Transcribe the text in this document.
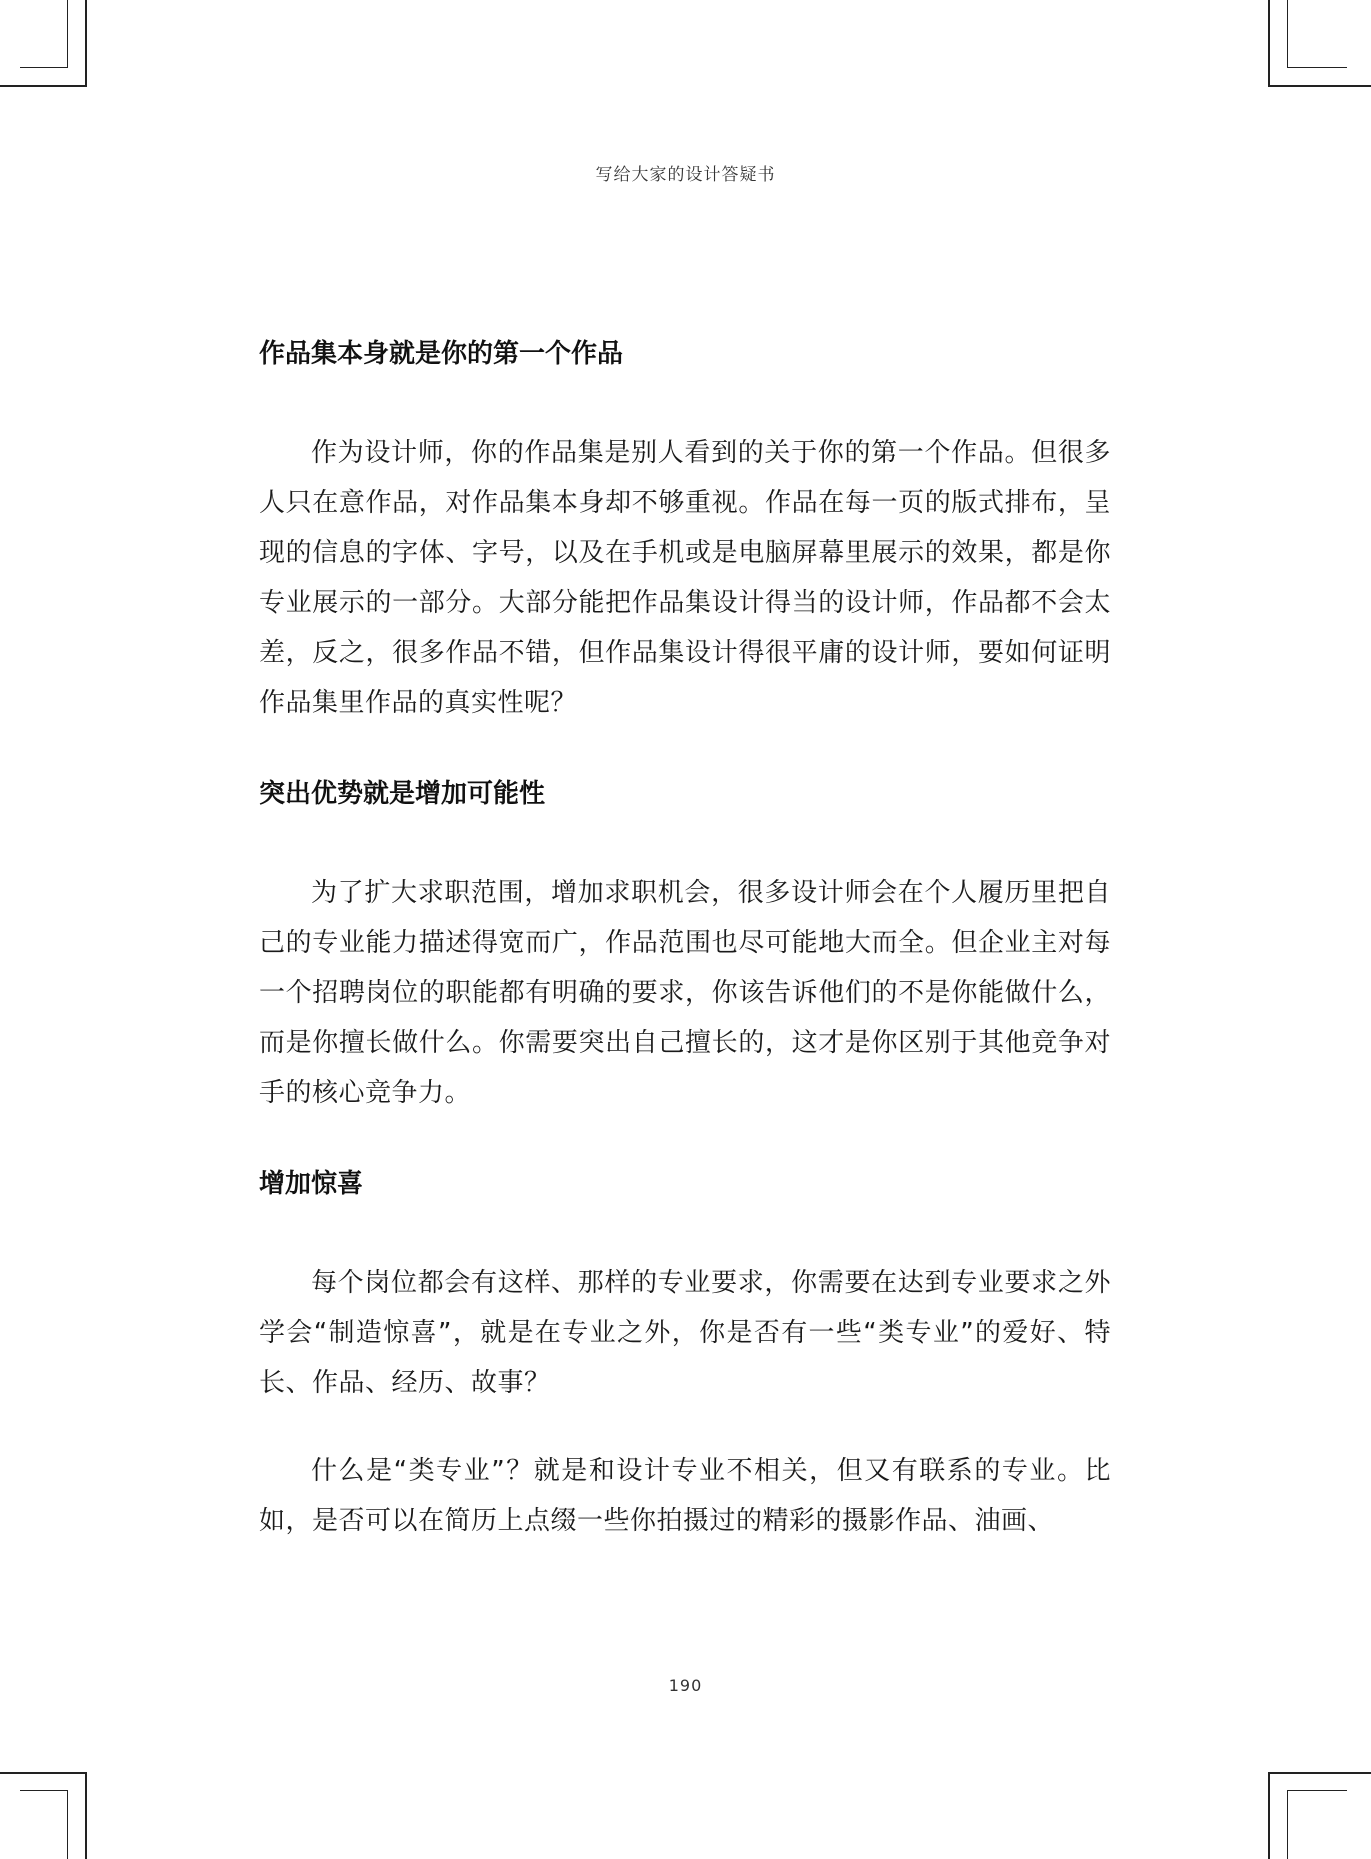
写给大家的设计答疑书
作品集本身就是你的第一个作品

作为设计师，你的作品集是别人看到的关于你的第一个作品。但很多人只在意作品，对作品集本身却不够重视。作品在每一页的版式排布，呈现的信息的字体、字号，以及在手机或是电脑屏幕里展示的效果，都是你专业展示的一部分。大部分能把作品集设计得当的设计师，作品都不会太差，反之，很多作品不错，但作品集设计得很平庸的设计师，要如何证明作品集里作品的真实性呢？

突出优势就是增加可能性

为了扩大求职范围，增加求职机会，很多设计师会在个人履历里把自己的专业能力描述得宽而广，作品范围也尽可能地大而全。但企业主对每一个招聘岗位的职能都有明确的要求，你该告诉他们的不是你能做什么，而是你擅长做什么。你需要突出自己擅长的，这才是你区别于其他竞争对手的核心竞争力。

增加惊喜

每个岗位都会有这样、那样的专业要求，你需要在达到专业要求之外学会“制造惊喜”，就是在专业之外，你是否有一些“类专业”的爱好、特长、作品、经历、故事？

什么是“类专业”？就是和设计专业不相关，但又有联系的专业。比如，是否可以在简历上点缀一些你拍摄过的精彩的摄影作品、油画、

190
